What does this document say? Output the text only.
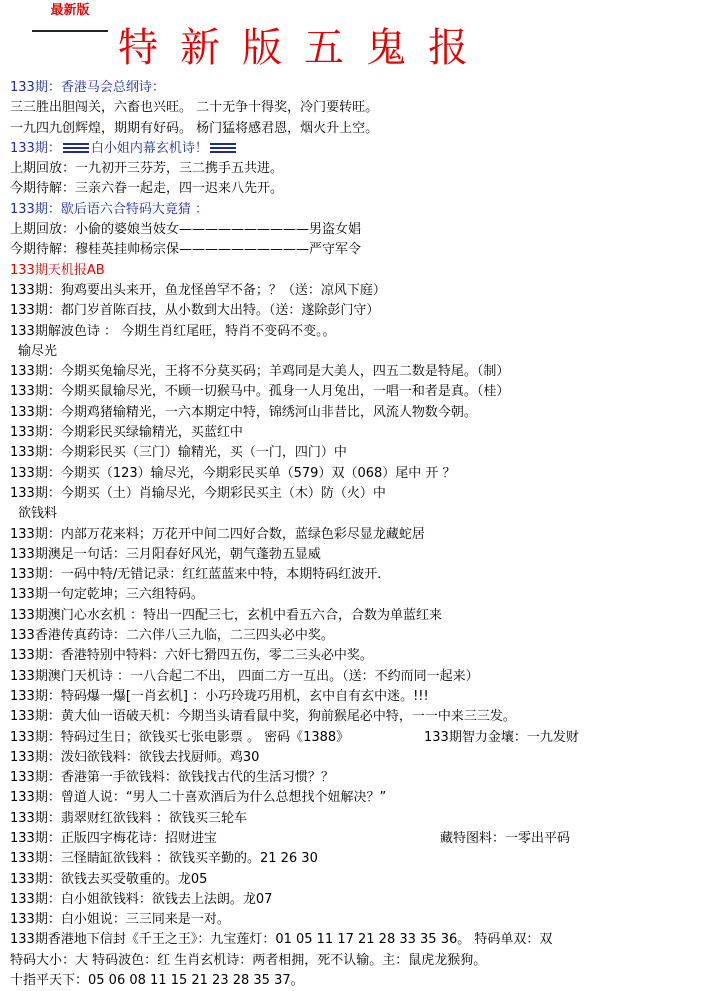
最新版
特新版五鬼报
133期：香港马会总纲诗：
三三胜出胆闯关，六畜也兴旺。 二十无争十得奖，冷门要转旺。
一九四九创辉煌，期期有好码。 杨门猛将感君恩，烟火升上空。
133期： 白小姐内幕玄机诗！
上期回放：一九初开三芬芳，三二携手五共进。
今期待解：三亲六眷一起走，四一迟来八先开。
133期：歇后语六合特码大竟猜 ：
上期回放：小偷的婆娘当妓女——————————男盗女娼
今期待解：穆桂英挂帅杨宗保——————————严守军令
133期天机报AB
133期：狗鸡要出头来开，鱼龙怪兽罕不备；？（送：凉风下庭）
133期：都门岁首陈百技，从小数到大出特。（送：遂除彭门守）
133期解波色诗 ： 今期生肖红尾旺，特肖不变码不变。。
输尽光
133期：今期买兔输尽光，王将不分莫买码；羊鸡同是大美人，四五二数是特尾。（制）
133期：今期买鼠输尽光，不顾一切猴马中。孤身一人月兔出，一唱一和者是真。（桂）
133期：今期鸡猪输精光，一六本期定中特，锦绣河山非昔比，风流人物数今朝。
133期：今期彩民买绿输精光，买蓝红中
133期：今期彩民买（三门）输精光，买（一门，四门）中
133期：今期买（123）输尽光，今期彩民买单（579）双（068）尾中 开 ？
133期：今期买（土）肖输尽光，今期彩民买主（木）防（火）中
欲钱料
133期：内部万花来料；万花开中间二四好合数，蓝绿色彩尽显龙藏蛇居
133期澳足一句话：三月阳春好风光，朝气蓬勃五显威
133期：一码中特/无错记录：红红蓝蓝来中特，本期特码红波开.
133期一句定乾坤；三六组特码。
133期澳门心水玄机 ：特出一四配三七，玄机中看五六合，合数为单蓝红来
133香港传真药诗：二六伴八三九临，二三四头必中奖。
133期：香港特别中特料：六奸七猾四五伤，零二三头必中奖。
133期澳门天机诗 ：一八合起二不出， 四面二方一互出。（送：不约而同一起来）
133期：特码爆一爆[一肖玄机] ：小巧玲珑巧用机，玄中自有玄中迷。!!!
133期：黄大仙一语破天机：今期当头请看鼠中奖，狗前猴尾必中特，一一中来三三发。
133期：特码过生日；欲钱买七张电影票 。 密码《1388》	133期智力金壤：一九发财
133期：泼妇欲钱料：欲钱去找厨师。鸡30
133期：香港第一手欲钱料：欲钱找古代的生活习惯？？
133期：曾道人说：“男人二十喜欢酒后为什么总想找个妞解决？”
133期：翡翠财红欲钱料 ：欲钱买三轮车
133期：正版四字梅花诗：招财进宝	藏特图料：一零出平码
133期：三怪睛缸欲钱料 ：欲钱买辛勤的。21 26 30
133期：欲钱去买受敬重的。龙05
133期：白小姐欲钱料：欲钱去上法朗。龙07
133期：白小姐说：三三同来是一对。
133期香港地下信封《千王之王》：九宝莲灯：01 05 11 17 21 28 33 35 36。 特码单双：双
特码大小：大 特码波色：红 生肖玄机诗：两者相拥，死不认输。主：鼠虎龙猴狗。
十指平天下：05 06 08 11 15 21 23 28 35 37。
